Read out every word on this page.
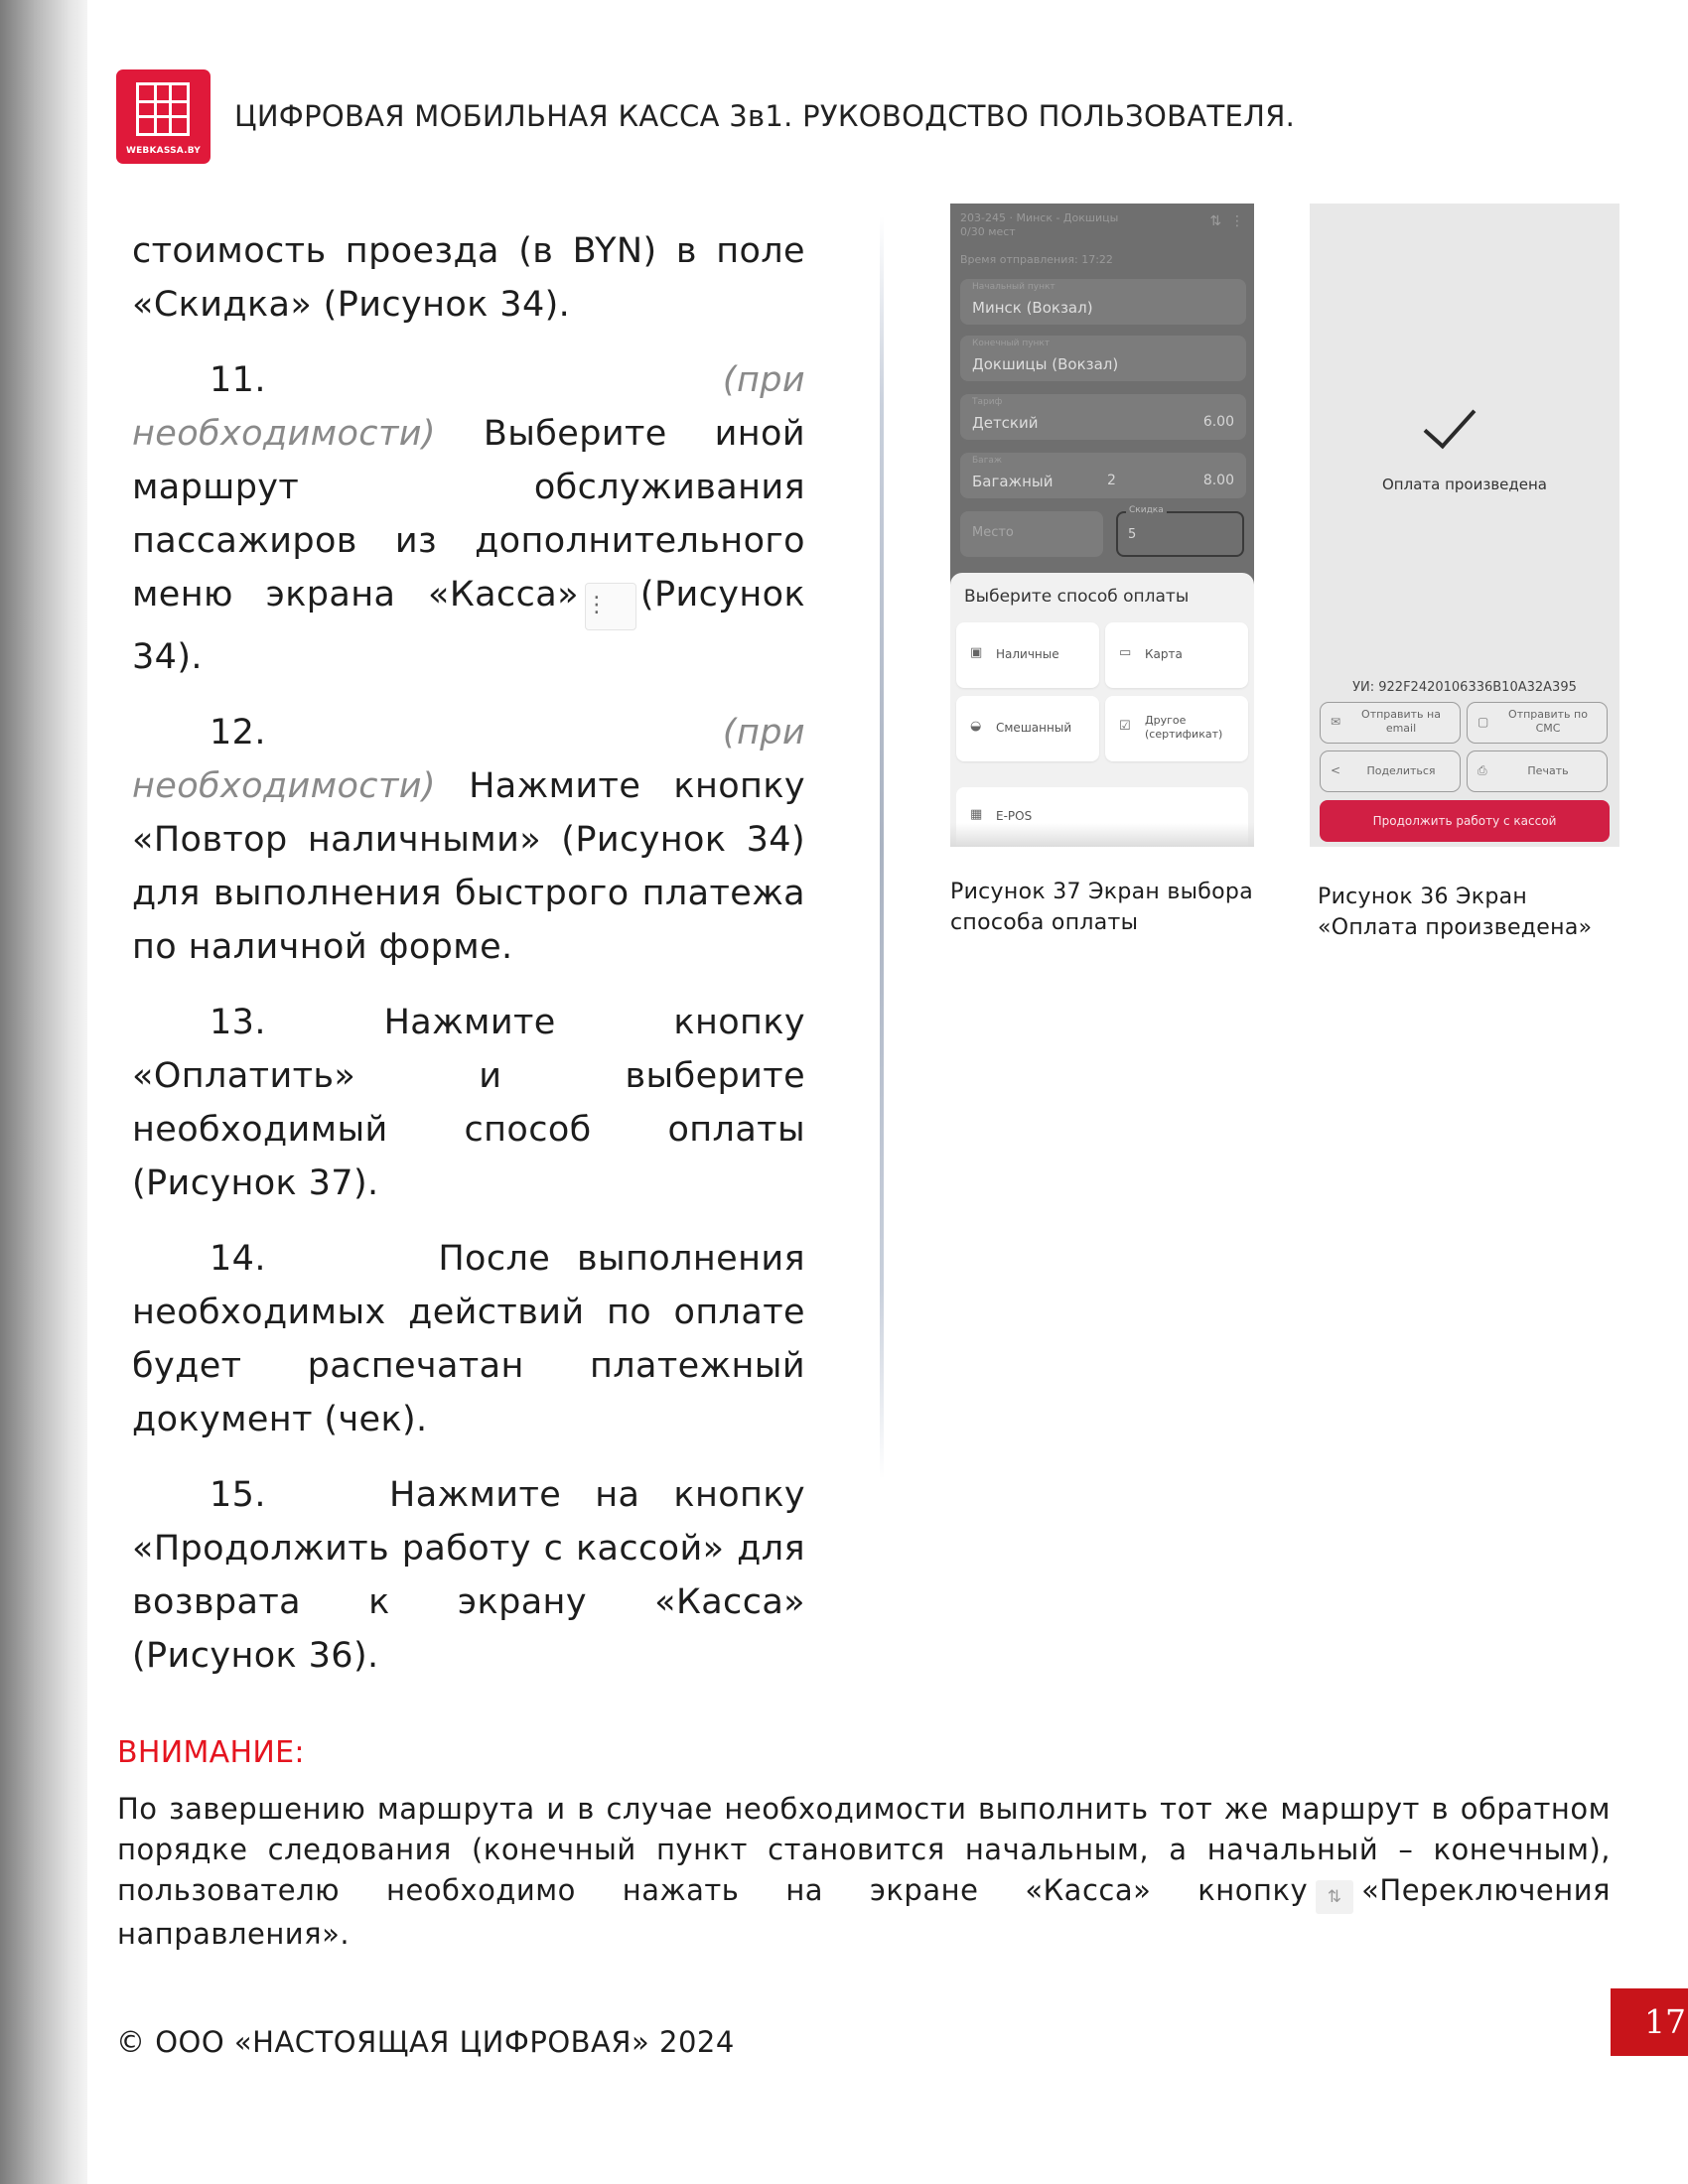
WEBKASSA.BY
ЦИФРОВАЯ МОБИЛЬНАЯ КАССА 3в1. РУКОВОДСТВО ПОЛЬЗОВАТЕЛЯ.

стоимость проезда (в BYN) в поле «Скидка» (Рисунок 34).

11.	(при необходимости) Выберите иной маршрут обслуживания пассажиров из дополнительного меню экрана «Касса» ⋮ (Рисунок 34).

12.	(при необходимости) Нажмите кнопку «Повтор наличными» (Рисунок 34) для выполнения быстрого платежа по наличной форме.

13.	Нажмите кнопку «Оплатить» и выберите необходимый способ оплаты (Рисунок 37).

14.	После выполнения необходимых действий по оплате будет распечатан платежный документ (чек).

15.	Нажмите на кнопку «Продолжить работу с кассой» для возврата к экрану «Касса» (Рисунок 36).

203-245 · Минск - Докшицы
0/30 мест
⇅  ⋮
Время отправления: 17:22
Начальный пункт
Минск (Вокзал)
Конечный пункт
Докшицы (Вокзал)
Тариф
Детский	6.00
Багаж
Багажный	2	8.00
Место
Скидка
5
Выберите способ оплаты
▣ Наличные	▭ Карта
◒ Смешанный	☑ Другое
(сертификат)
▦ E-POS
Оплата произведена
УИ: 922F2420106336B10A32A395
✉
Отправить на
email	▢
Отправить по
СМС
<	Поделиться	⎙	Печать
Продолжить работу с кассой
Рисунок 37 Экран выбора
способа оплаты
Рисунок 36 Экран
«Оплата произведена»
ВНИМАНИЕ:
По завершению маршрута и в случае необходимости выполнить тот же маршрут в обратном порядке следования (конечный пункт становится начальным, а начальный – конечным), пользователю необходимо нажать на экране «Касса» кнопку ⇅ «Переключения направления».
© ООО «НАСТОЯЩАЯ ЦИФРОВАЯ» 2024
17
